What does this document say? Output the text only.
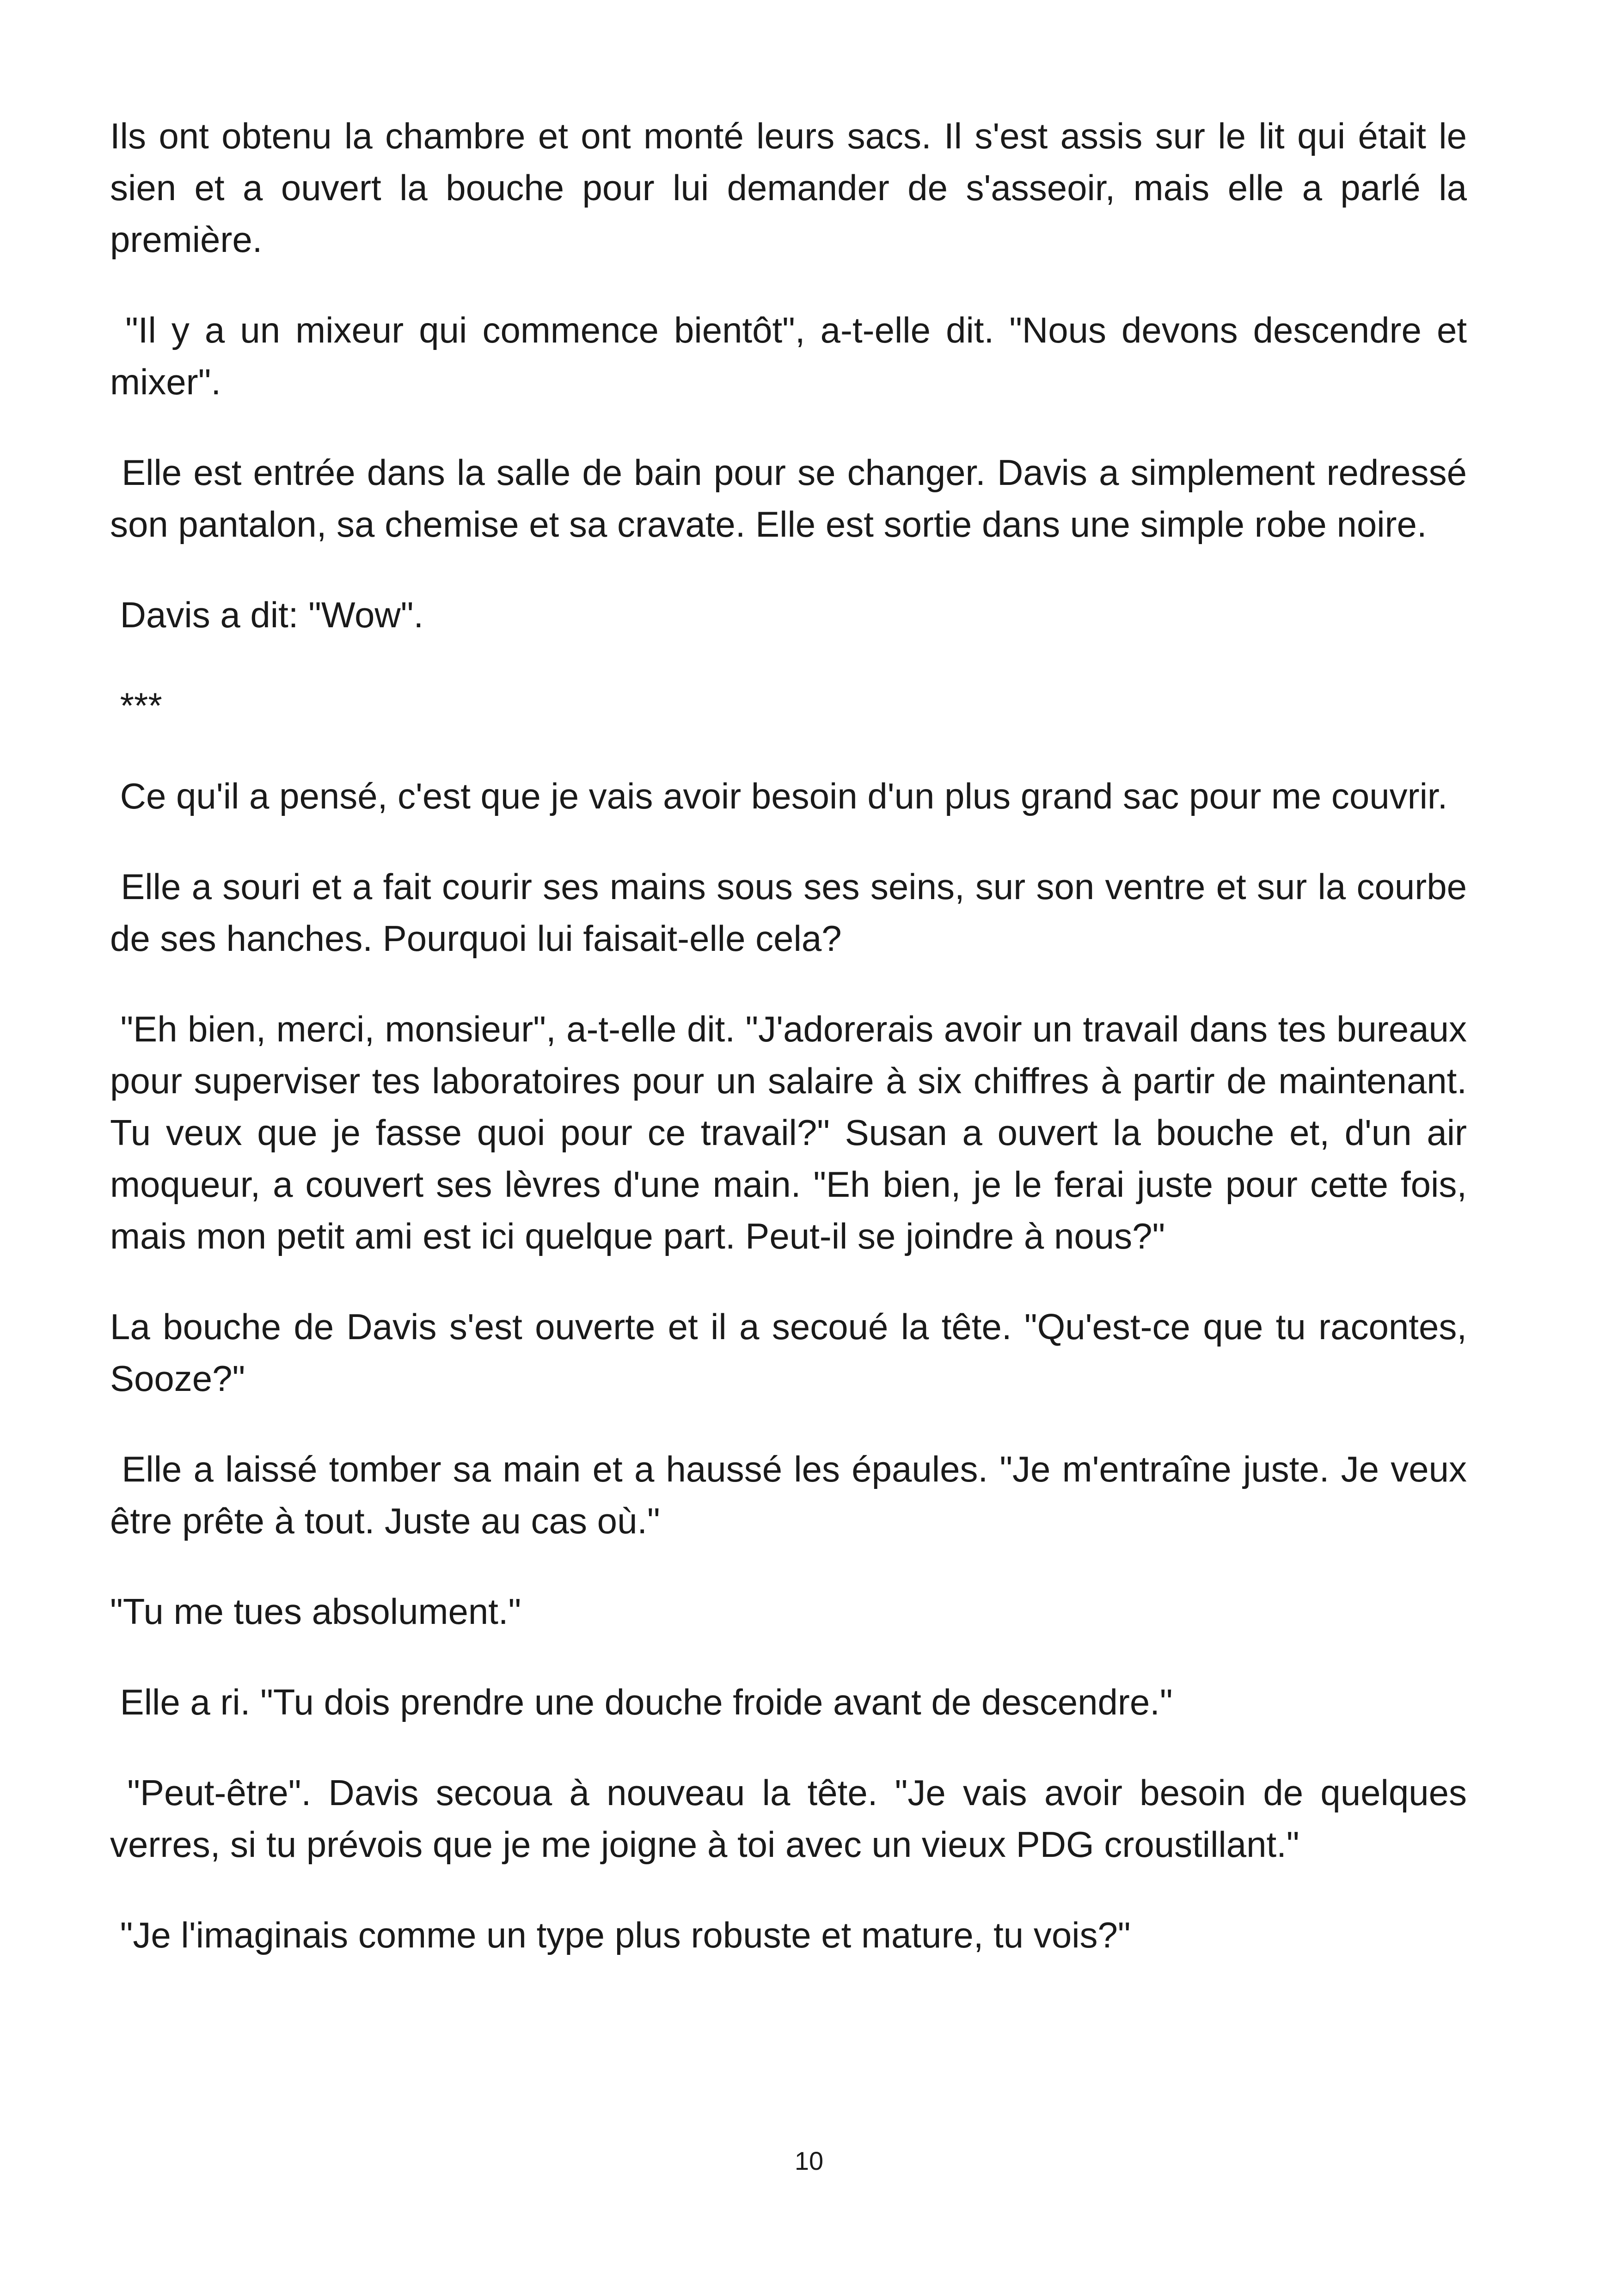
Ils ont obtenu la chambre et ont monté leurs sacs. Il s'est assis sur le lit qui était le sien et a ouvert la bouche pour lui demander de s'asseoir, mais elle a parlé la première.

"Il y a un mixeur qui commence bientôt", a-t-elle dit. "Nous devons descendre et mixer".

Elle est entrée dans la salle de bain pour se changer. Davis a simplement redressé son pantalon, sa chemise et sa cravate. Elle est sortie dans une simple robe noire.

Davis a dit: "Wow".

***

Ce qu'il a pensé, c'est que je vais avoir besoin d'un plus grand sac pour me couvrir.

Elle a souri et a fait courir ses mains sous ses seins, sur son ventre et sur la courbe de ses hanches. Pourquoi lui faisait-elle cela?

"Eh bien, merci, monsieur", a-t-elle dit. "J'adorerais avoir un travail dans tes bureaux pour superviser tes laboratoires pour un salaire à six chiffres à partir de maintenant. Tu veux que je fasse quoi pour ce travail?" Susan a ouvert la bouche et, d'un air moqueur, a couvert ses lèvres d'une main. "Eh bien, je le ferai juste pour cette fois, mais mon petit ami est ici quelque part. Peut-il se joindre à nous?"

La bouche de Davis s'est ouverte et il a secoué la tête. "Qu'est-ce que tu racontes, Sooze?"

Elle a laissé tomber sa main et a haussé les épaules. "Je m'entraîne juste. Je veux être prête à tout. Juste au cas où."

"Tu me tues absolument."

Elle a ri. "Tu dois prendre une douche froide avant de descendre."

"Peut-être". Davis secoua à nouveau la tête. "Je vais avoir besoin de quelques verres, si tu prévois que je me joigne à toi avec un vieux PDG croustillant."

"Je l'imaginais comme un type plus robuste et mature, tu vois?"

10
